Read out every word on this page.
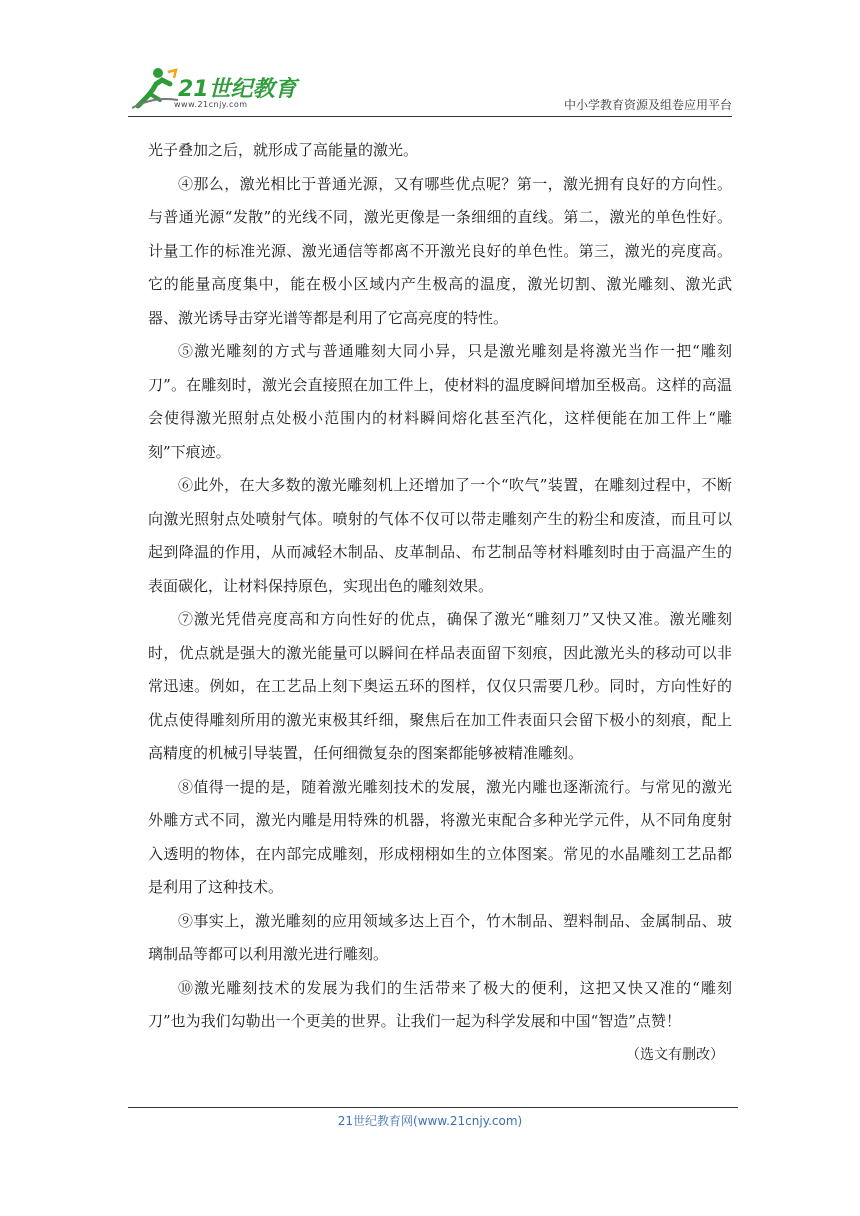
21世纪教育
www.21cnjy.com	中小学教育资源及组卷应用平台

光子叠加之后，就形成了高能量的激光。

④那么，激光相比于普通光源，又有哪些优点呢？第一，激光拥有良好的方向性。与普通光源“发散”的光线不同，激光更像是一条细细的直线。第二，激光的单色性好。计量工作的标准光源、激光通信等都离不开激光良好的单色性。第三，激光的亮度高。它的能量高度集中，能在极小区域内产生极高的温度，激光切割、激光雕刻、激光武器、激光诱导击穿光谱等都是利用了它高亮度的特性。

⑤激光雕刻的方式与普通雕刻大同小异，只是激光雕刻是将激光当作一把“雕刻刀”。在雕刻时，激光会直接照在加工件上，使材料的温度瞬间增加至极高。这样的高温会使得激光照射点处极小范围内的材料瞬间熔化甚至汽化，这样便能在加工件上“雕刻”下痕迹。

⑥此外，在大多数的激光雕刻机上还增加了一个“吹气”装置，在雕刻过程中，不断向激光照射点处喷射气体。喷射的气体不仅可以带走雕刻产生的粉尘和废渣，而且可以起到降温的作用，从而减轻木制品、皮革制品、布艺制品等材料雕刻时由于高温产生的表面碳化，让材料保持原色，实现出色的雕刻效果。

⑦激光凭借亮度高和方向性好的优点，确保了激光“雕刻刀”又快又准。激光雕刻时，优点就是强大的激光能量可以瞬间在样品表面留下刻痕，因此激光头的移动可以非常迅速。例如，在工艺品上刻下奥运五环的图样，仅仅只需要几秒。同时，方向性好的优点使得雕刻所用的激光束极其纤细，聚焦后在加工件表面只会留下极小的刻痕，配上高精度的机械引导装置，任何细微复杂的图案都能够被精准雕刻。

⑧值得一提的是，随着激光雕刻技术的发展，激光内雕也逐渐流行。与常见的激光外雕方式不同，激光内雕是用特殊的机器，将激光束配合多种光学元件，从不同角度射入透明的物体，在内部完成雕刻，形成栩栩如生的立体图案。常见的水晶雕刻工艺品都是利用了这种技术。

⑨事实上，激光雕刻的应用领域多达上百个，竹木制品、塑料制品、金属制品、玻璃制品等都可以利用激光进行雕刻。

⑩激光雕刻技术的发展为我们的生活带来了极大的便利，这把又快又准的“雕刻刀”也为我们勾勒出一个更美的世界。让我们一起为科学发展和中国“智造”点赞！

（选文有删改）

21世纪教育网(www.21cnjy.com)
